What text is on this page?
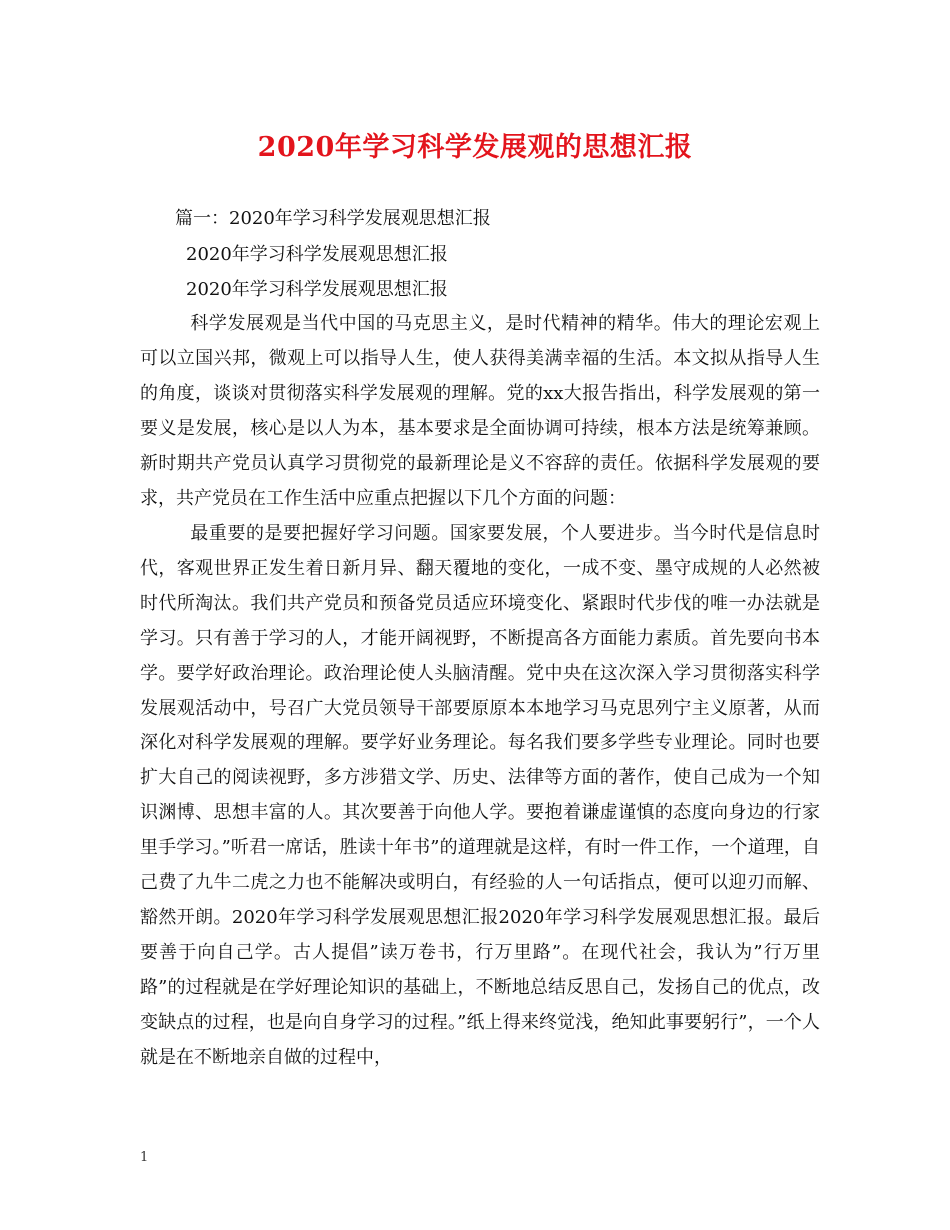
2020年学习科学发展观的思想汇报
篇一：2020年学习科学发展观思想汇报
2020年学习科学发展观思想汇报
2020年学习科学发展观思想汇报

科学发展观是当代中国的马克思主义，是时代精神的精华。伟大的理论宏观上可以立国兴邦，微观上可以指导人生，使人获得美满幸福的生活。本文拟从指导人生的角度，谈谈对贯彻落实科学发展观的理解。党的xx大报告指出，科学发展观的第一要义是发展，核心是以人为本，基本要求是全面协调可持续，根本方法是统筹兼顾。 新时期共产党员认真学习贯彻党的最新理论是义不容辞的责任。依据科学发展观的要求，共产党员在工作生活中应重点把握以下几个方面的问题：

最重要的是要把握好学习问题。国家要发展，个人要进步。当今时代是信息时代，客观世界正发生着日新月异、翻天覆地的变化，一成不变、墨守成规的人必然被时代所淘汰。我们共产党员和预备党员适应环境变化、紧跟时代步伐的唯一办法就是学习。只有善于学习的人，才能开阔视野，不断提高各方面能力素质。首先要向书本学。要学好政治理论。政治理论使人头脑清醒。党中央在这次深入学习贯彻落实科学发展观活动中，号召广大党员领导干部要原原本本地学习马克思列宁主义原著，从而深化对科学发展观的理解。要学好业务理论。每名我们要多学些专业理论。同时也要扩大自己的阅读视野，多方涉猎文学、历史、法律等方面的著作，使自己成为一个知识渊博、思想丰富的人。其次要善于向他人学。要抱着谦虚谨慎的态度向身边的行家里手学习。”听君一席话，胜读十年书”的道理就是这样，有时一件工作，一个道理，自己费了九牛二虎之力也不能解决或明白，有经验的人一句话指点，便可以迎刃而解、豁然开朗。2020年学习科学发展观思想汇报2020年学习科学发展观思想汇报。最后要善于向自己学。古人提倡”读万卷书，行万里路”。在现代社会，我认为”行万里路”的过程就是在学好理论知识的基础上，不断地总结反思自己，发扬自己的优点，改变缺点的过程，也是向自身学习的过程。”纸上得来终觉浅，绝知此事要躬行”，一个人就是在不断地亲自做的过程中，

1
